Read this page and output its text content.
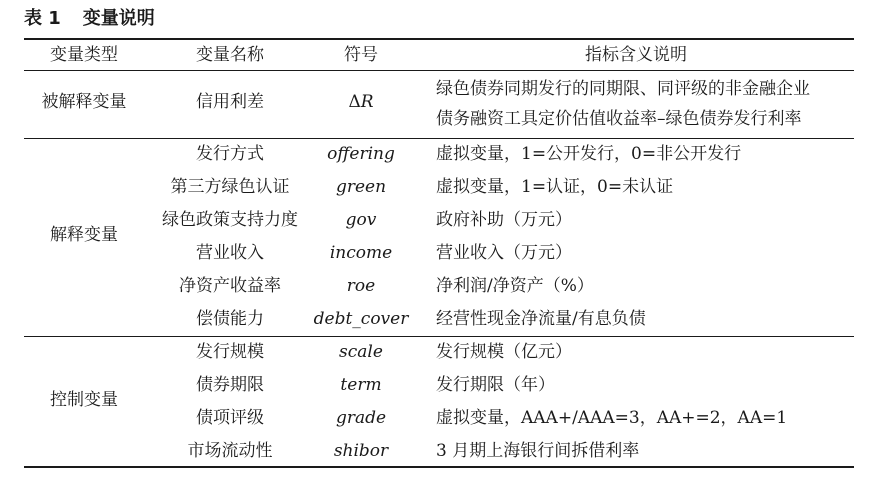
表 1 变量说明
变量类型	变量名称	符号	指标含义说明
被解释变量	信用利差	ΔR
绿色债券同期发行的同期限、同评级的非金融企业
债务融资工具定价估值收益率–绿色债券发行利率
解释变量
发行方式	offering	虚拟变量，1=公开发行，0=非公开发行
第三方绿色认证	green	虚拟变量，1=认证，0=未认证
绿色政策支持力度	gov	政府补助（万元）
营业收入	income	营业收入（万元）
净资产收益率	roe	净利润/净资产（%）
偿债能力	debt_cover	经营性现金净流量/有息负债
控制变量
发行规模	scale	发行规模（亿元）
债券期限	term	发行期限（年）
债项评级	grade	虚拟变量，AAA+/AAA=3，AA+=2，AA=1
市场流动性	shibor	3 月期上海银行间拆借利率
